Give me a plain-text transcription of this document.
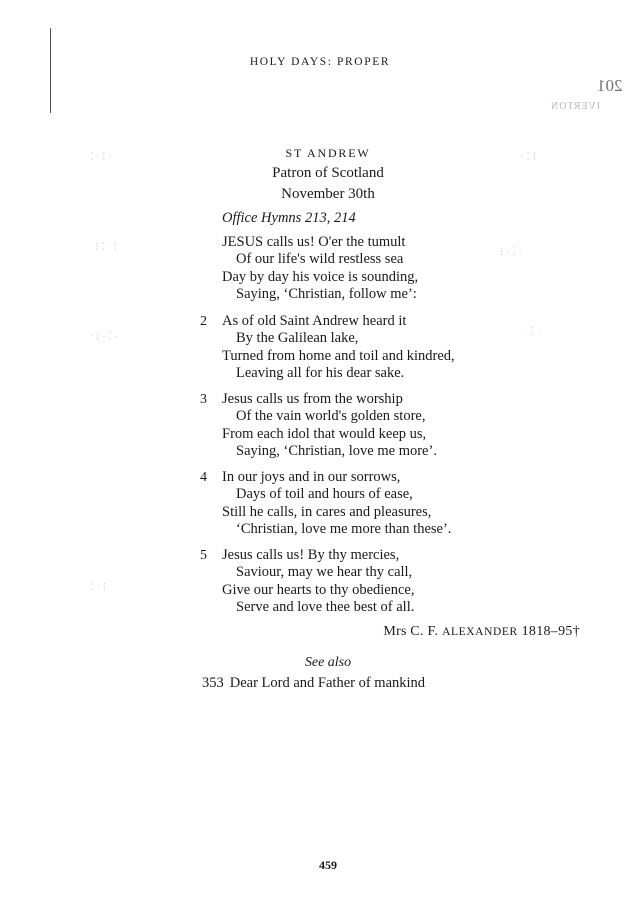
HOLY DAYS: PROPER
201
IVERTON
⁚ ˑ ⁝ ·
⁝ ⁚ ˑ ⁝
ˑ ⁝ · ⁚ ·
· ⁚ ⁝
⁝ · ⁚ ˑ
ˑ ⁚ ·
⁚ · ⁝
ST ANDREW
Patron of Scotland
November 30th
Office Hymns 213, 214
JESUS calls us! O'er the tumult
Of our life's wild restless sea
Day by day his voice is sounding,
Saying, ‘Christian, follow me’:
2 As of old Saint Andrew heard it
By the Galilean lake,
Turned from home and toil and kindred,
Leaving all for his dear sake.
3 Jesus calls us from the worship
Of the vain world's golden store,
From each idol that would keep us,
Saying, ‘Christian, love me more’.
4 In our joys and in our sorrows,
Days of toil and hours of ease,
Still he calls, in cares and pleasures,
‘Christian, love me more than these’.
5 Jesus calls us! By thy mercies,
Saviour, may we hear thy call,
Give our hearts to thy obedience,
Serve and love thee best of all.
Mrs C. F. ALEXANDER 1818–95†
See also
353 Dear Lord and Father of mankind
459
